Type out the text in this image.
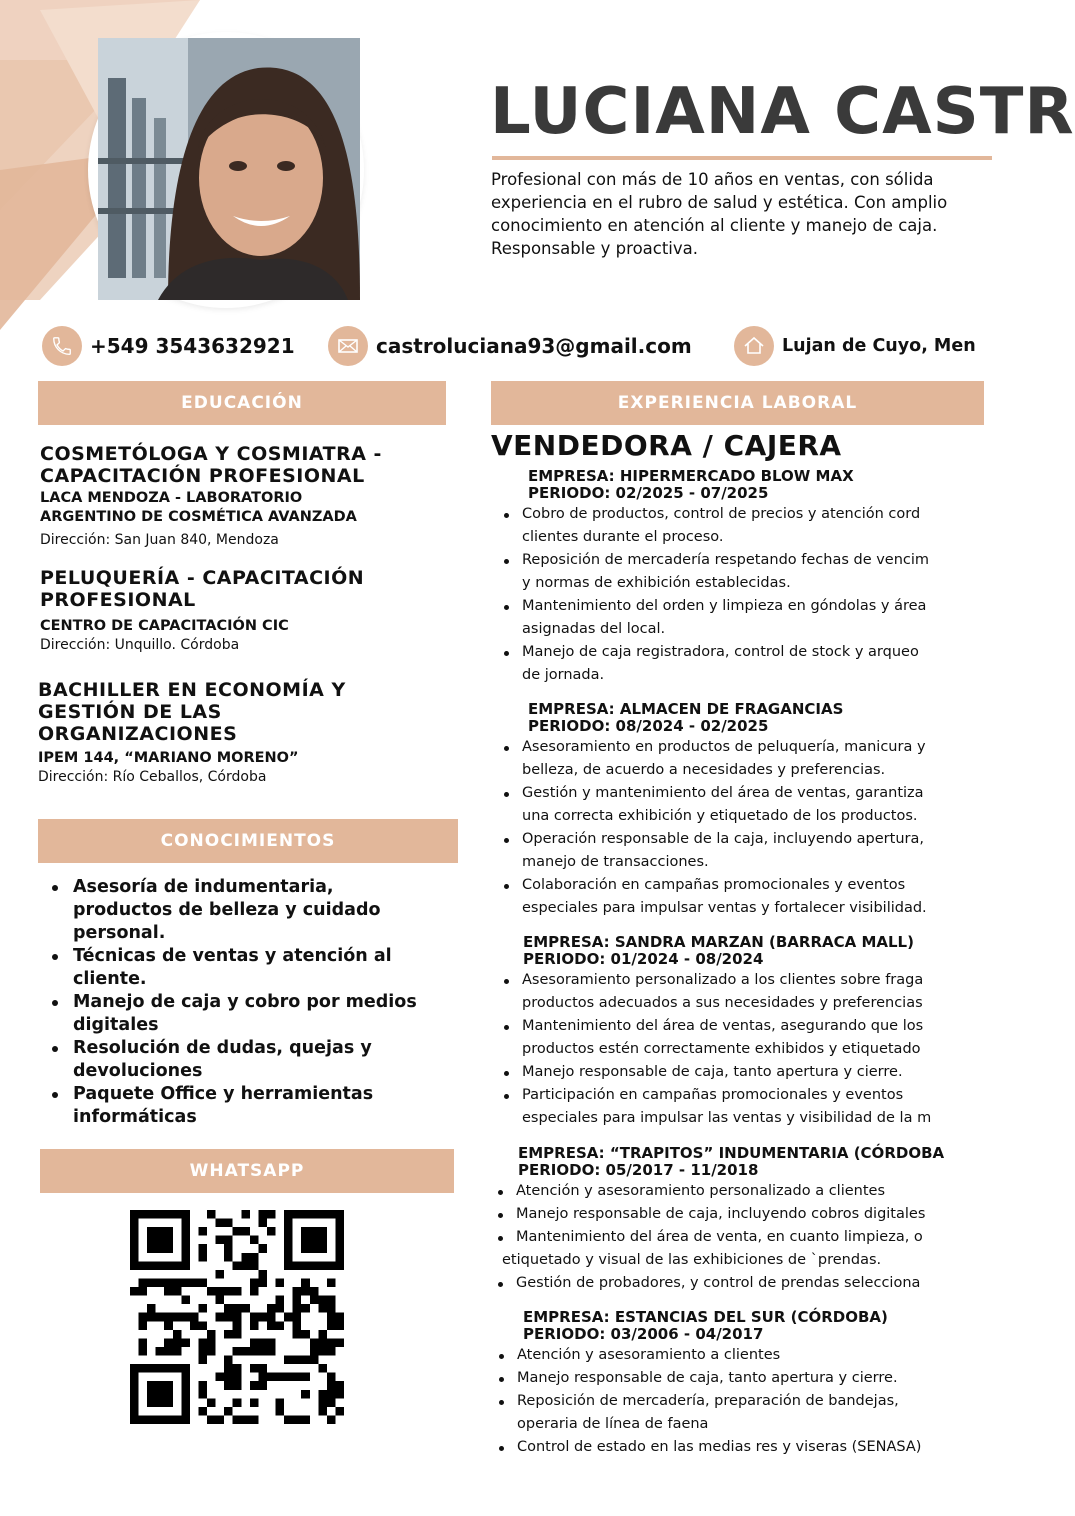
LUCIANA CASTR
Profesional con más de 10 años en ventas, con sólida
experiencia en el rubro de salud y estética. Con amplio
conocimiento en atención al cliente y manejo de caja.
Responsable y proactiva.
+549 3543632921	castroluciana93@gmail.com	Lujan de Cuyo, Men
EDUCACIÓN	EXPERIENCIA LABORAL
CONOCIMIENTOS
WHATSAPP
COSMETÓLOGA Y COSMIATRA -
CAPACITACIÓN PROFESIONAL
LACA MENDOZA - LABORATORIO
ARGENTINO DE COSMÉTICA AVANZADA
Dirección: San Juan 840, Mendoza
PELUQUERÍA - CAPACITACIÓN
PROFESIONAL
CENTRO DE CAPACITACIÓN CIC
Dirección: Unquillo. Córdoba
BACHILLER EN ECONOMÍA Y
GESTIÓN DE LAS
ORGANIZACIONES
IPEM 144, “MARIANO MORENO”
Dirección: Río Ceballos, Córdoba
Asesoría de indumentaria,
productos de belleza y cuidado
personal.
Técnicas de ventas y atención al
cliente.
Manejo de caja y cobro por medios
digitales
Resolución de dudas, quejas y
devoluciones
Paquete Office y herramientas
informáticas
VENDEDORA / CAJERA
EMPRESA: HIPERMERCADO BLOW MAX
PERIODO: 02/2025 - 07/2025
Cobro de productos, control de precios y atención cord
clientes durante el proceso.
Reposición de mercadería respetando fechas de vencim
y normas de exhibición establecidas.
Mantenimiento del orden y limpieza en góndolas y área
asignadas del local.
Manejo de caja registradora, control de stock y arqueo
de jornada.
EMPRESA: ALMACEN DE FRAGANCIAS
PERIODO: 08/2024 - 02/2025
Asesoramiento en productos de peluquería, manicura y
belleza, de acuerdo a necesidades y preferencias.
Gestión y mantenimiento del área de ventas, garantiza
una correcta exhibición y etiquetado de los productos.
Operación responsable de la caja, incluyendo apertura,
manejo de transacciones.
Colaboración en campañas promocionales y eventos
especiales para impulsar ventas y fortalecer visibilidad.
EMPRESA: SANDRA MARZAN (BARRACA MALL)
PERIODO: 01/2024 - 08/2024
Asesoramiento personalizado a los clientes sobre fraga
productos adecuados a sus necesidades y preferencias
Mantenimiento del área de ventas, asegurando que los
productos estén correctamente exhibidos y etiquetado
Manejo responsable de caja, tanto apertura y cierre.
Participación en campañas promocionales y eventos
especiales para impulsar las ventas y visibilidad de la m
EMPRESA: “TRAPITOS” INDUMENTARIA (CÓRDOBA
PERIODO: 05/2017 - 11/2018
Atención y asesoramiento personalizado a clientes
Manejo responsable de caja, incluyendo cobros digitales
Mantenimiento del área de venta, en cuanto limpieza, o
etiquetado y visual de las exhibiciones de `prendas.
Gestión de probadores, y control de prendas selecciona
EMPRESA: ESTANCIAS DEL SUR (CÓRDOBA)
PERIODO: 03/2006 - 04/2017
Atención y asesoramiento a clientes
Manejo responsable de caja, tanto apertura y cierre.
Reposición de mercadería, preparación de bandejas,
operaria de línea de faena
Control de estado en las medias res y viseras (SENASA)
